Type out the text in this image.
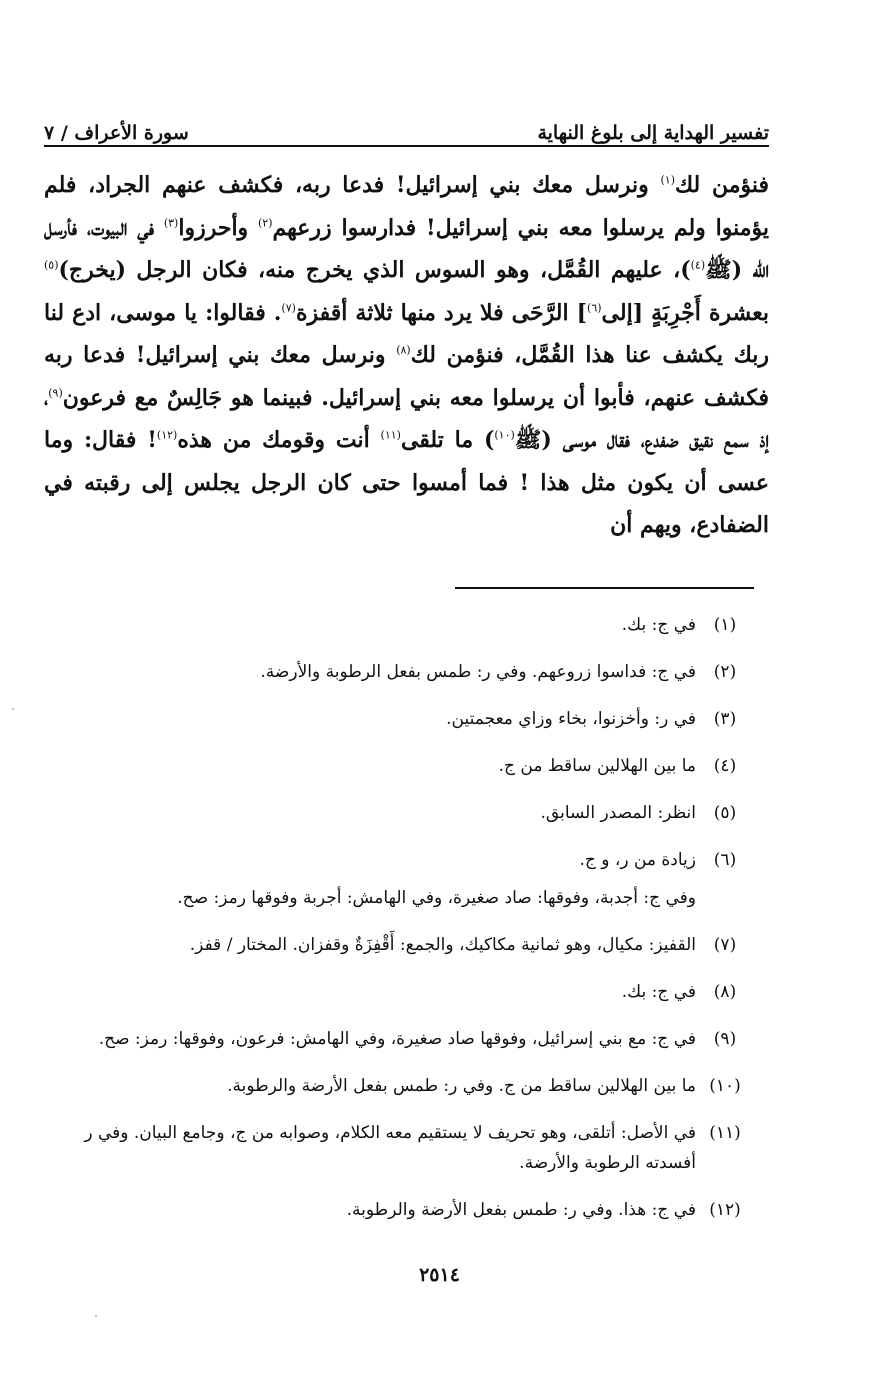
تفسير الهداية إلى بلوغ النهاية
سورة الأعراف / ٧
فنؤمن لك$^{(١)}$ ونرسل معك بني إسرائيل! فدعا ربه، فكشف عنهم الجراد، فلم يؤمنوا ولم يرسلوا معه بني إسرائيل! فدارسوا زرعهم$^{(٢)}$ وأحرزوا$^{(٣)}$ في البيوت، فأرسل الله (ﷺ$^{(٤)}$)، عليهم القُمَّل، وهو السوس الذي يخرج منه، فكان الرجل (يخرج)$^{(٥)}$ بعشرة أَجْرِبَةٍ [إلى$^{(٦)}$] الرَّحَى فلا يرد منها ثلاثة أقفزة$^{(٧)}$. فقالوا: يا موسى، ادع لنا ربك يكشف عنا هذا القُمَّل، فنؤمن لك$^{(٨)}$ ونرسل معك بني إسرائيل! فدعا ربه فكشف عنهم، فأبوا أن يرسلوا معه بني إسرائيل. فبينما هو جَالِسٌ مع فرعون$^{(٩)}$، إذ سمع نقيق ضفدع، فقال موسى (ﷺ$^{(١٠)}$) ما تلقى$^{(١١)}$ أنت وقومك من هذه$^{(١٢)}$! فقال: وما عسى أن يكون مثل هذا ! فما أمسوا حتى كان الرجل يجلس إلى رقبته في الضفادع، ويهم أن
(١)
في ج: بك.
(٢)
في ج: فداسوا زروعهم. وفي ر: طمس بفعل الرطوبة والأرضة.
(٣)
في ر: وأخزنوا، بخاء وزاي معجمتين.
(٤)
ما بين الهلالين ساقط من ج.
(٥)
انظر: المصدر السابق.
(٦)
زيادة من ر، و ج.
وفي ج: أجدبة، وفوقها: صاد صغيرة، وفي الهامش: أجربة وفوقها رمز: صح.
(٧)
القفيز: مكيال، وهو ثمانية مكاكيك، والجمع: أَقْفِزَةٌ وقفزان. المختار / قفز.
(٨)
في ج: بك.
(٩)
في ج: مع بني إسرائيل، وفوقها صاد صغيرة، وفي الهامش: فرعون، وفوقها: رمز: صح.
(١٠)
ما بين الهلالين ساقط من ج. وفي ر: طمس بفعل الأرضة والرطوبة.
(١١)
في الأصل: أتلقى، وهو تحريف لا يستقيم معه الكلام، وصوابه من ج، وجامع البيان. وفي ر أفسدته الرطوبة والأرضة.
(١٢)
في ج: هذا. وفي ر: طمس بفعل الأرضة والرطوبة.
٢٥١٤
